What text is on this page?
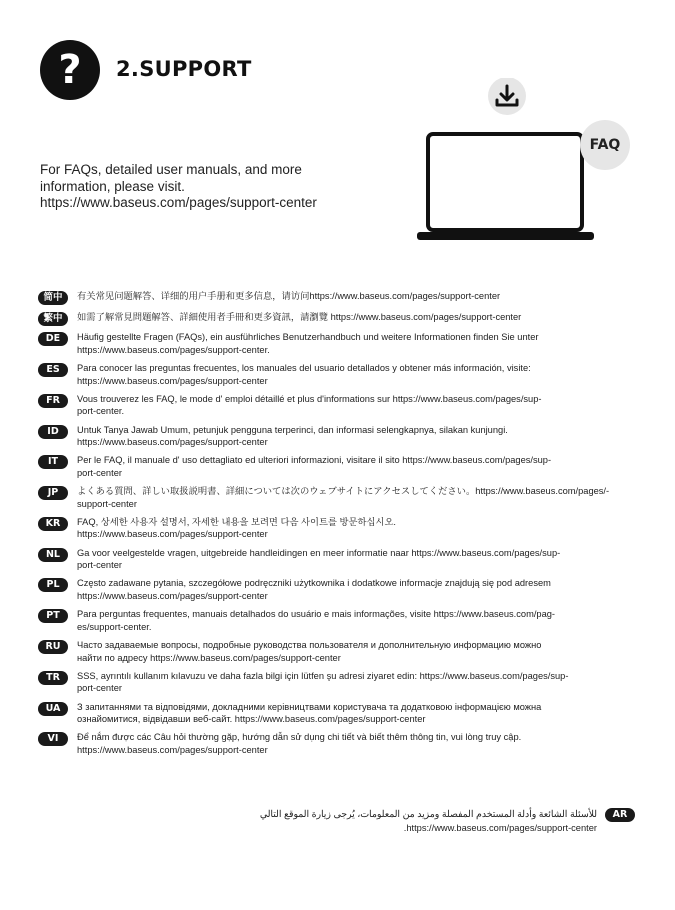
?	2.SUPPORT
For FAQs, detailed user manuals, and more
information, please visit.
https://www.baseus.com/pages/support-center
FAQ
简中	有关常见问题解答、详细的用户手册和更多信息，请访问https://www.baseus.com/pages/support-center
繁中	如需了解常見問題解答、詳細使用者手冊和更多資訊，請瀏覽 https://www.baseus.com/pages/support-center
DE	Häufig gestellte Fragen (FAQs), ein ausführliches Benutzerhandbuch und weitere Informationen finden Sie unter
https://www.baseus.com/pages/support-center.
ES	Para conocer las preguntas frecuentes, los manuales del usuario detallados y obtener más información, visite:
https://www.baseus.com/pages/support-center
FR	Vous trouverez les FAQ, le mode d' emploi détaillé et plus d'informations sur https://www.baseus.com/pages/sup-
port-center.
ID	Untuk Tanya Jawab Umum, petunjuk pengguna terperinci, dan informasi selengkapnya, silakan kunjungi.
https://www.baseus.com/pages/support-center
IT	Per le FAQ, il manuale d' uso dettagliato ed ulteriori informazioni, visitare il sito https://www.baseus.com/pages/sup-
port-center
JP	よくある質問、詳しい取扱説明書、詳細については次のウェブサイトにアクセスしてください。https://www.baseus.com/pages/-
support-center
KR	FAQ, 상세한 사용자 설명서, 자세한 내용을 보려면 다음 사이트를 방문하십시오.
https://www.baseus.com/pages/support-center
NL	Ga voor veelgestelde vragen, uitgebreide handleidingen en meer informatie naar https://www.baseus.com/pages/sup-
port-center
PL	Często zadawane pytania, szczegółowe podręczniki użytkownika i dodatkowe informacje znajdują się pod adresem
https://www.baseus.com/pages/support-center
PT	Para perguntas frequentes, manuais detalhados do usuário e mais informações, visite https://www.baseus.com/pag-
es/support-center.
RU	Часто задаваемые вопросы, подробные руководства пользователя и дополнительную информацию можно
найти по адресу https://www.baseus.com/pages/support-center
TR	SSS, ayrıntılı kullanım kılavuzu ve daha fazla bilgi için lütfen şu adresi ziyaret edin: https://www.baseus.com/pages/sup-
port-center
UA	З запитаннями та відповідями, докладними керівництвами користувача та додатковою інформацією можна
ознайомитися, відвідавши веб-сайт. https://www.baseus.com/pages/support-center
VI	Để nắm được các Câu hỏi thường gặp, hướng dẫn sử dụng chi tiết và biết thêm thông tin, vui lòng truy cập.
https://www.baseus.com/pages/support-center
للأسئلة الشائعة وأدلة المستخدم المفصلة ومزيد من المعلومات، يُرجى زيارة الموقع التالي	AR
.https://www.baseus.com/pages/support-center
